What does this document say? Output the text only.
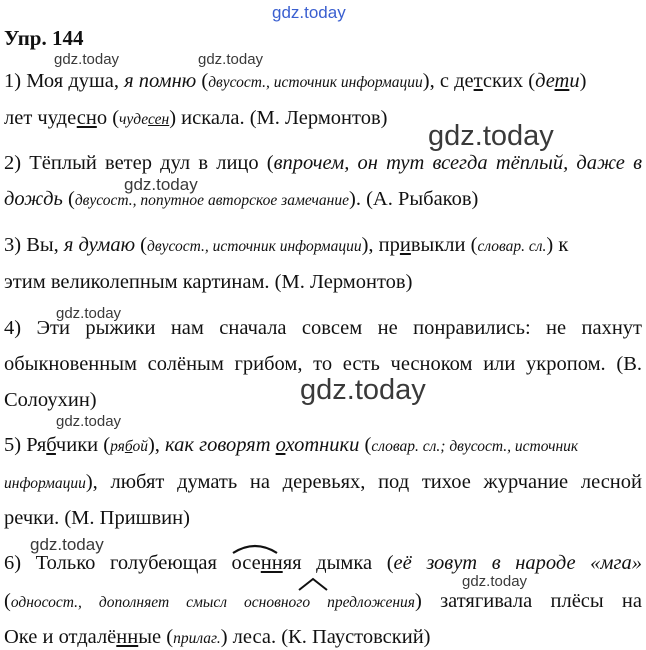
gdz.today
gdz.today	gdz.today
gdz.today
gdz.today
gdz.today
gdz.today
gdz.today
gdz.today
gdz.today
Упр. 144
1) Моя душа, я помню (двусост., источник информации), с детских (дети)
лет чудесно (чудесен) искала. (М. Лермонтов)
2) Тёплый ветер дул в лицо (впрочем, он тут всегда тёплый, даже в
дождь (двусост., попутное авторское замечание). (А. Рыбаков)
3) Вы, я думаю (двусост., источник информации), привыкли (словар. сл.) к
этим великолепным картинам. (М. Лермонтов)
4) Эти рыжики нам сначала совсем не понравились: не пахнут
обыкновенным солёным грибом, то есть чесноком или укропом. (В.
Солоухин)
5) Рябчики (рябой), как говорят охотники (словар. сл.; двусост., источник
информации), любят думать на деревьях, под тихое журчание лесной
речки. (М. Пришвин)
6) Только голубеющая осенняя дымка (её зовут в народе «мга»
(односост., дополняет смысл основного предложения) затягивала плёсы на
Оке и отдалённые (прилаг.) леса. (К. Паустовский)
